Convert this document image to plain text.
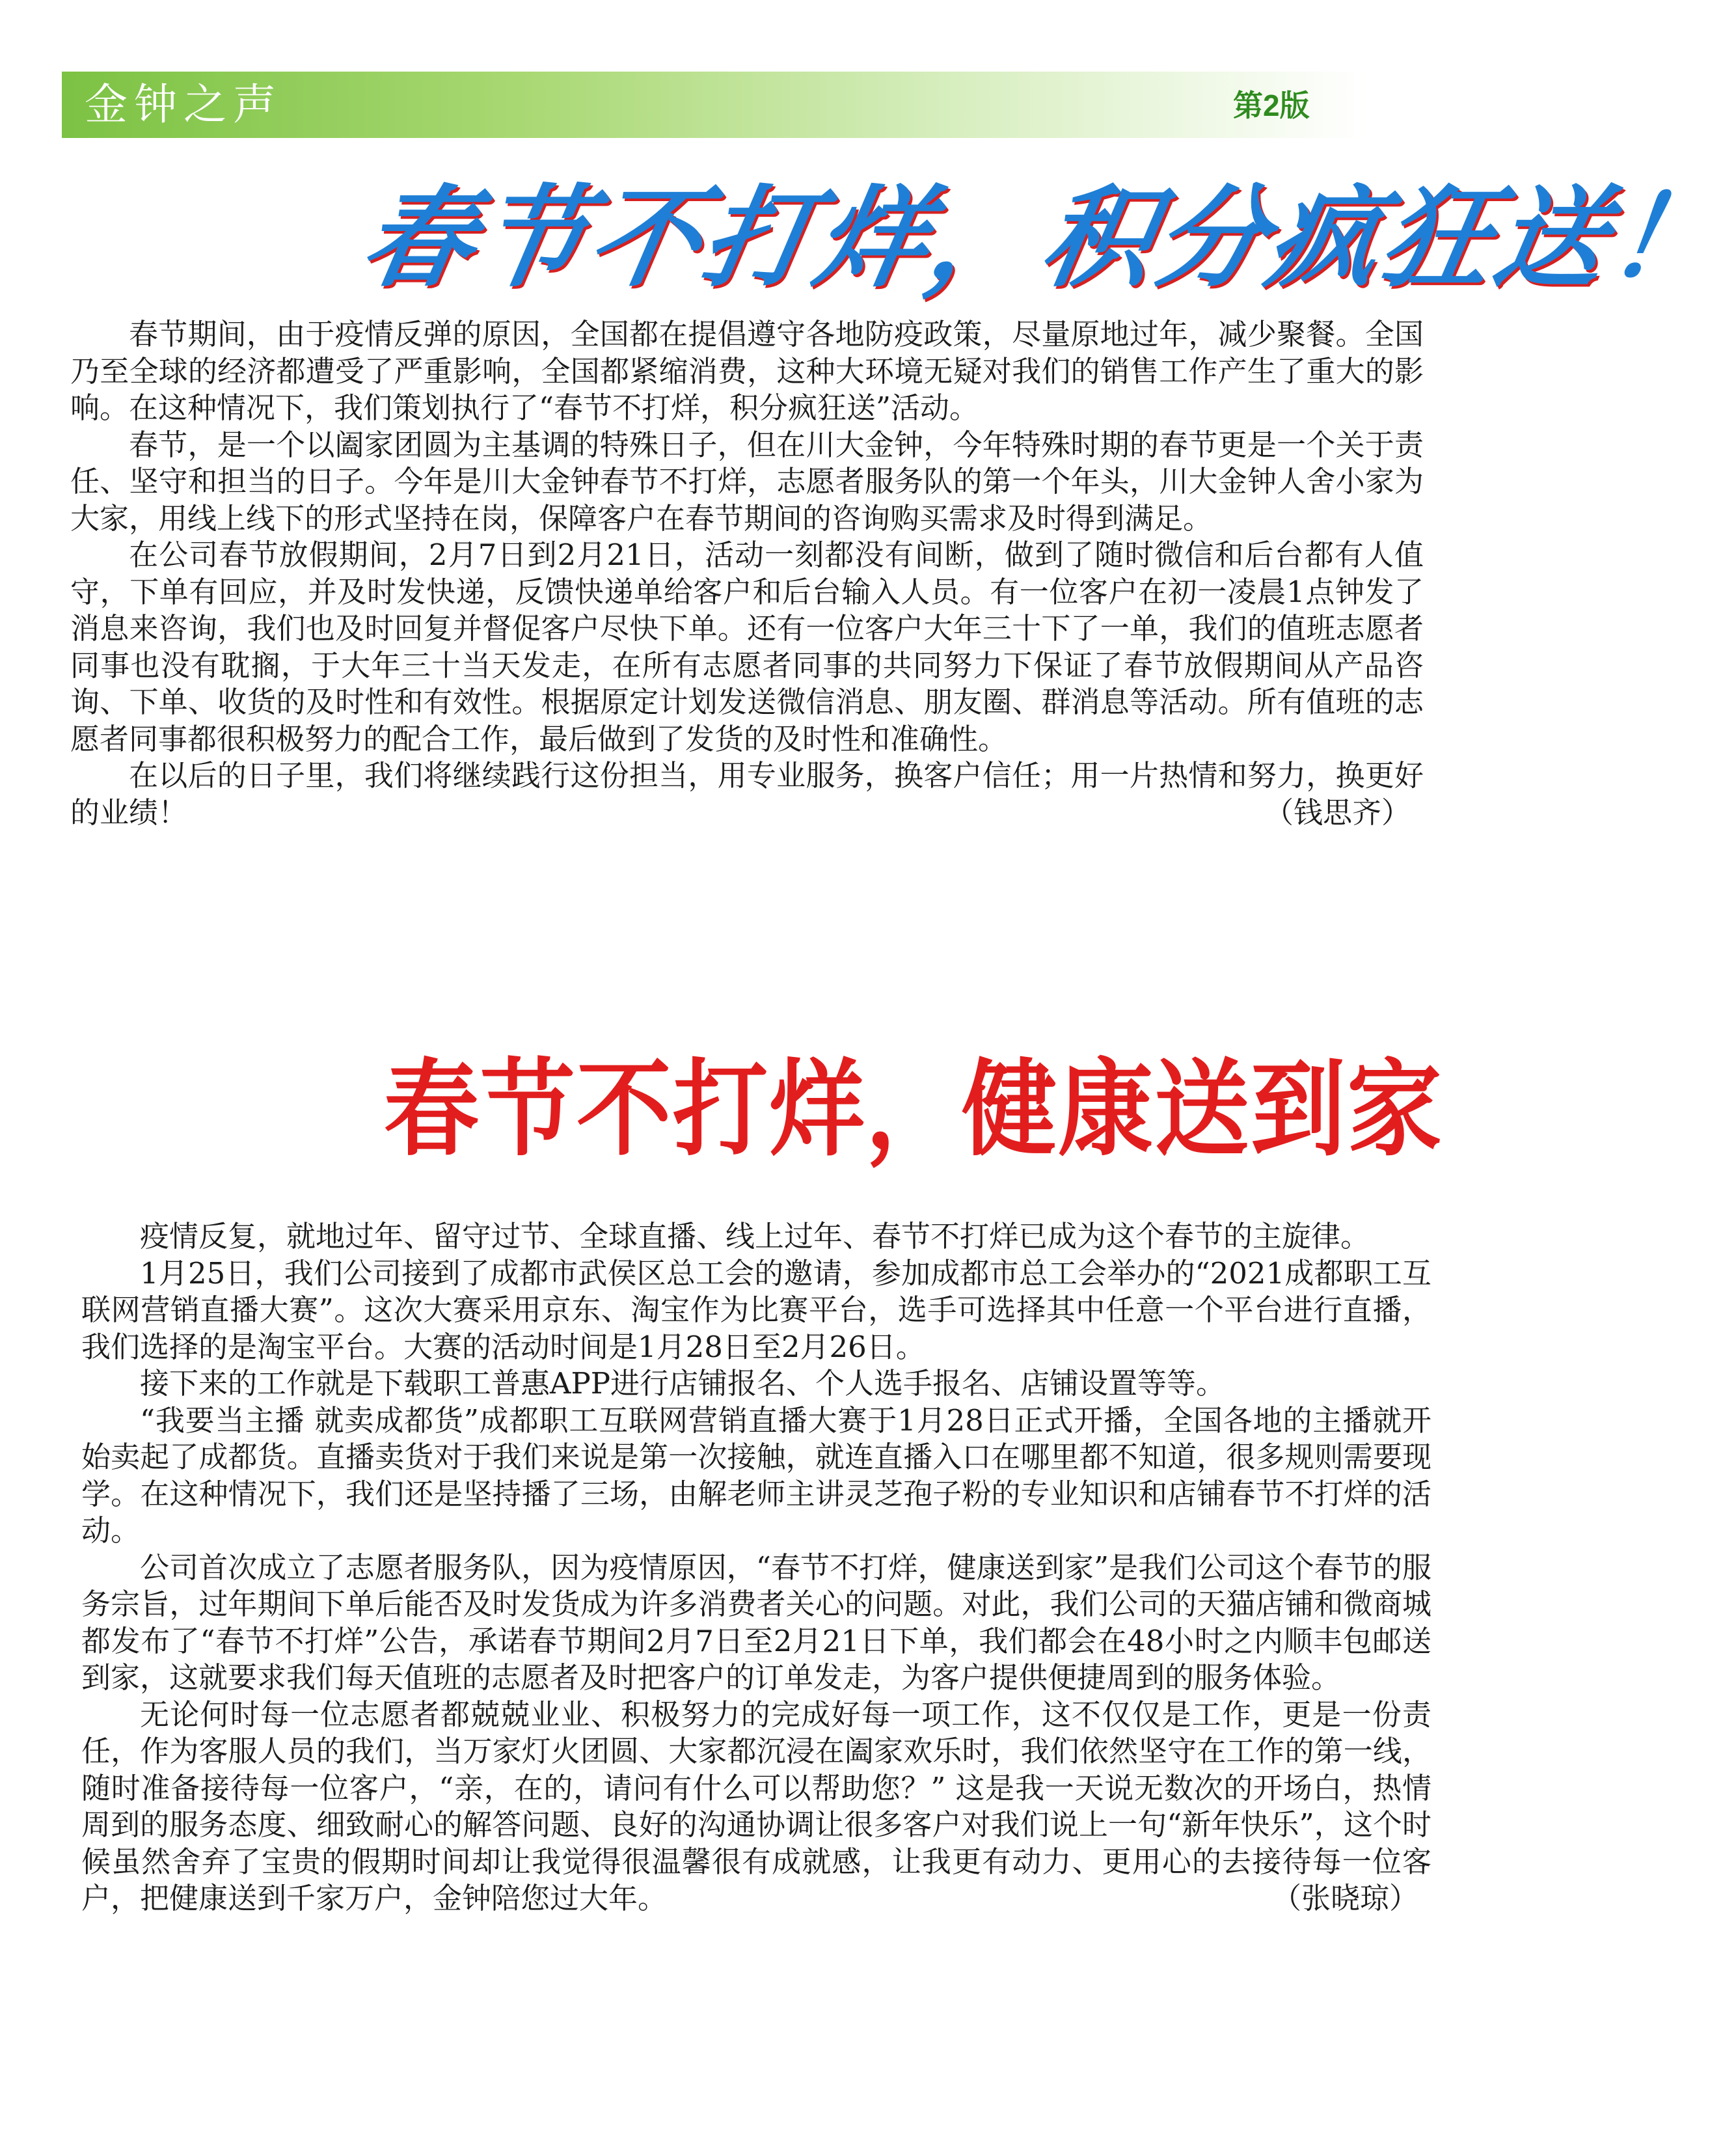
金钟之声	第2版
春节不打烊，积分疯狂送！

春节期间，由于疫情反弹的原因，全国都在提倡遵守各地防疫政策，尽量原地过年，减少聚餐。全国乃至全球的经济都遭受了严重影响，全国都紧缩消费，这种大环境无疑对我们的销售工作产生了重大的影响。在这种情况下，我们策划执行了“春节不打烊，积分疯狂送”活动。

春节，是一个以阖家团圆为主基调的特殊日子，但在川大金钟，今年特殊时期的春节更是一个关于责任、坚守和担当的日子。今年是川大金钟春节不打烊，志愿者服务队的第一个年头，川大金钟人舍小家为大家，用线上线下的形式坚持在岗，保障客户在春节期间的咨询购买需求及时得到满足。

在公司春节放假期间，2月7日到2月21日，活动一刻都没有间断，做到了随时微信和后台都有人值守，下单有回应，并及时发快递，反馈快递单给客户和后台输入人员。有一位客户在初一凌晨1点钟发了消息来咨询，我们也及时回复并督促客户尽快下单。还有一位客户大年三十下了一单，我们的值班志愿者同事也没有耽搁，于大年三十当天发走，在所有志愿者同事的共同努力下保证了春节放假期间从产品咨询、下单、收货的及时性和有效性。根据原定计划发送微信消息、朋友圈、群消息等活动。所有值班的志愿者同事都很积极努力的配合工作，最后做到了发货的及时性和准确性。

在以后的日子里，我们将继续践行这份担当，用专业服务，换客户信任；用一片热情和努力，换更好的业绩！	（钱思齐）
春节不打烊，健康送到家

疫情反复，就地过年、留守过节、全球直播、线上过年、春节不打烊已成为这个春节的主旋律。

1月25日，我们公司接到了成都市武侯区总工会的邀请，参加成都市总工会举办的“2021成都职工互联网营销直播大赛”。这次大赛采用京东、淘宝作为比赛平台，选手可选择其中任意一个平台进行直播，我们选择的是淘宝平台。大赛的活动时间是1月28日至2月26日。

接下来的工作就是下载职工普惠APP进行店铺报名、个人选手报名、店铺设置等等。

“我要当主播 就卖成都货”成都职工互联网营销直播大赛于1月28日正式开播，全国各地的主播就开始卖起了成都货。直播卖货对于我们来说是第一次接触，就连直播入口在哪里都不知道，很多规则需要现学。在这种情况下，我们还是坚持播了三场，由解老师主讲灵芝孢子粉的专业知识和店铺春节不打烊的活动。

公司首次成立了志愿者服务队，因为疫情原因，“春节不打烊，健康送到家”是我们公司这个春节的服务宗旨，过年期间下单后能否及时发货成为许多消费者关心的问题。对此，我们公司的天猫店铺和微商城都发布了“春节不打烊”公告，承诺春节期间2月7日至2月21日下单，我们都会在48小时之内顺丰包邮送到家，这就要求我们每天值班的志愿者及时把客户的订单发走，为客户提供便捷周到的服务体验。

无论何时每一位志愿者都兢兢业业、积极努力的完成好每一项工作，这不仅仅是工作，更是一份责任，作为客服人员的我们，当万家灯火团圆、大家都沉浸在阖家欢乐时，我们依然坚守在工作的第一线，随时准备接待每一位客户，“亲，在的，请问有什么可以帮助您？” 这是我一天说无数次的开场白，热情周到的服务态度、细致耐心的解答问题、良好的沟通协调让很多客户对我们说上一句“新年快乐”，这个时候虽然舍弃了宝贵的假期时间却让我觉得很温馨很有成就感，让我更有动力、更用心的去接待每一位客户，把健康送到千家万户，金钟陪您过大年。	（张晓琼）
